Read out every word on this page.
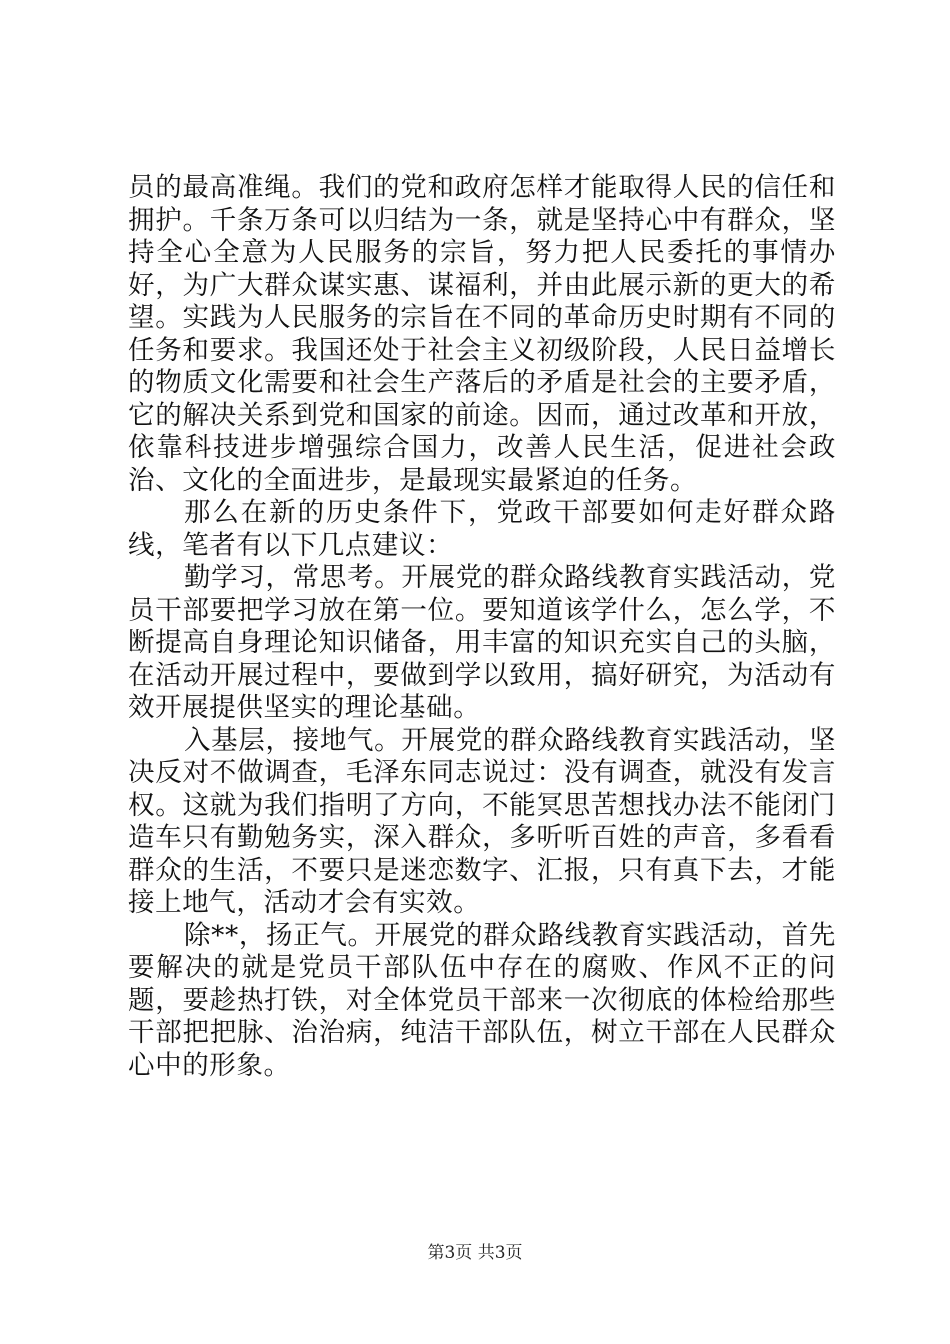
员的最高准绳。我们的党和政府怎样才能取得人民的信任和拥护。千条万条可以归结为一条，就是坚持心中有群众，坚持全心全意为人民服务的宗旨，努力把人民委托的事情办好，为广大群众谋实惠、谋福利，并由此展示新的更大的希望。实践为人民服务的宗旨在不同的革命历史时期有不同的任务和要求。我国还处于社会主义初级阶段，人民日益增长的物质文化需要和社会生产落后的矛盾是社会的主要矛盾，它的解决关系到党和国家的前途。因而，通过改革和开放，依靠科技进步增强综合国力，改善人民生活，促进社会政治、文化的全面进步，是最现实最紧迫的任务。

那么在新的历史条件下，党政干部要如何走好群众路线，笔者有以下几点建议：

勤学习，常思考。开展党的群众路线教育实践活动，党员干部要把学习放在第一位。要知道该学什么，怎么学，不断提高自身理论知识储备，用丰富的知识充实自己的头脑，在活动开展过程中，要做到学以致用，搞好研究，为活动有效开展提供坚实的理论基础。

入基层，接地气。开展党的群众路线教育实践活动，坚决反对不做调查，毛泽东同志说过：没有调查，就没有发言权。这就为我们指明了方向，不能冥思苦想找办法不能闭门造车只有勤勉务实，深入群众，多听听百姓的声音，多看看群众的生活，不要只是迷恋数字、汇报，只有真下去，才能接上地气，活动才会有实效。

除**，扬正气。开展党的群众路线教育实践活动，首先要解决的就是党员干部队伍中存在的腐败、作风不正的问题，要趁热打铁，对全体党员干部来一次彻底的体检给那些干部把把脉、治治病，纯洁干部队伍，树立干部在人民群众心中的形象。

第3页 共3页
